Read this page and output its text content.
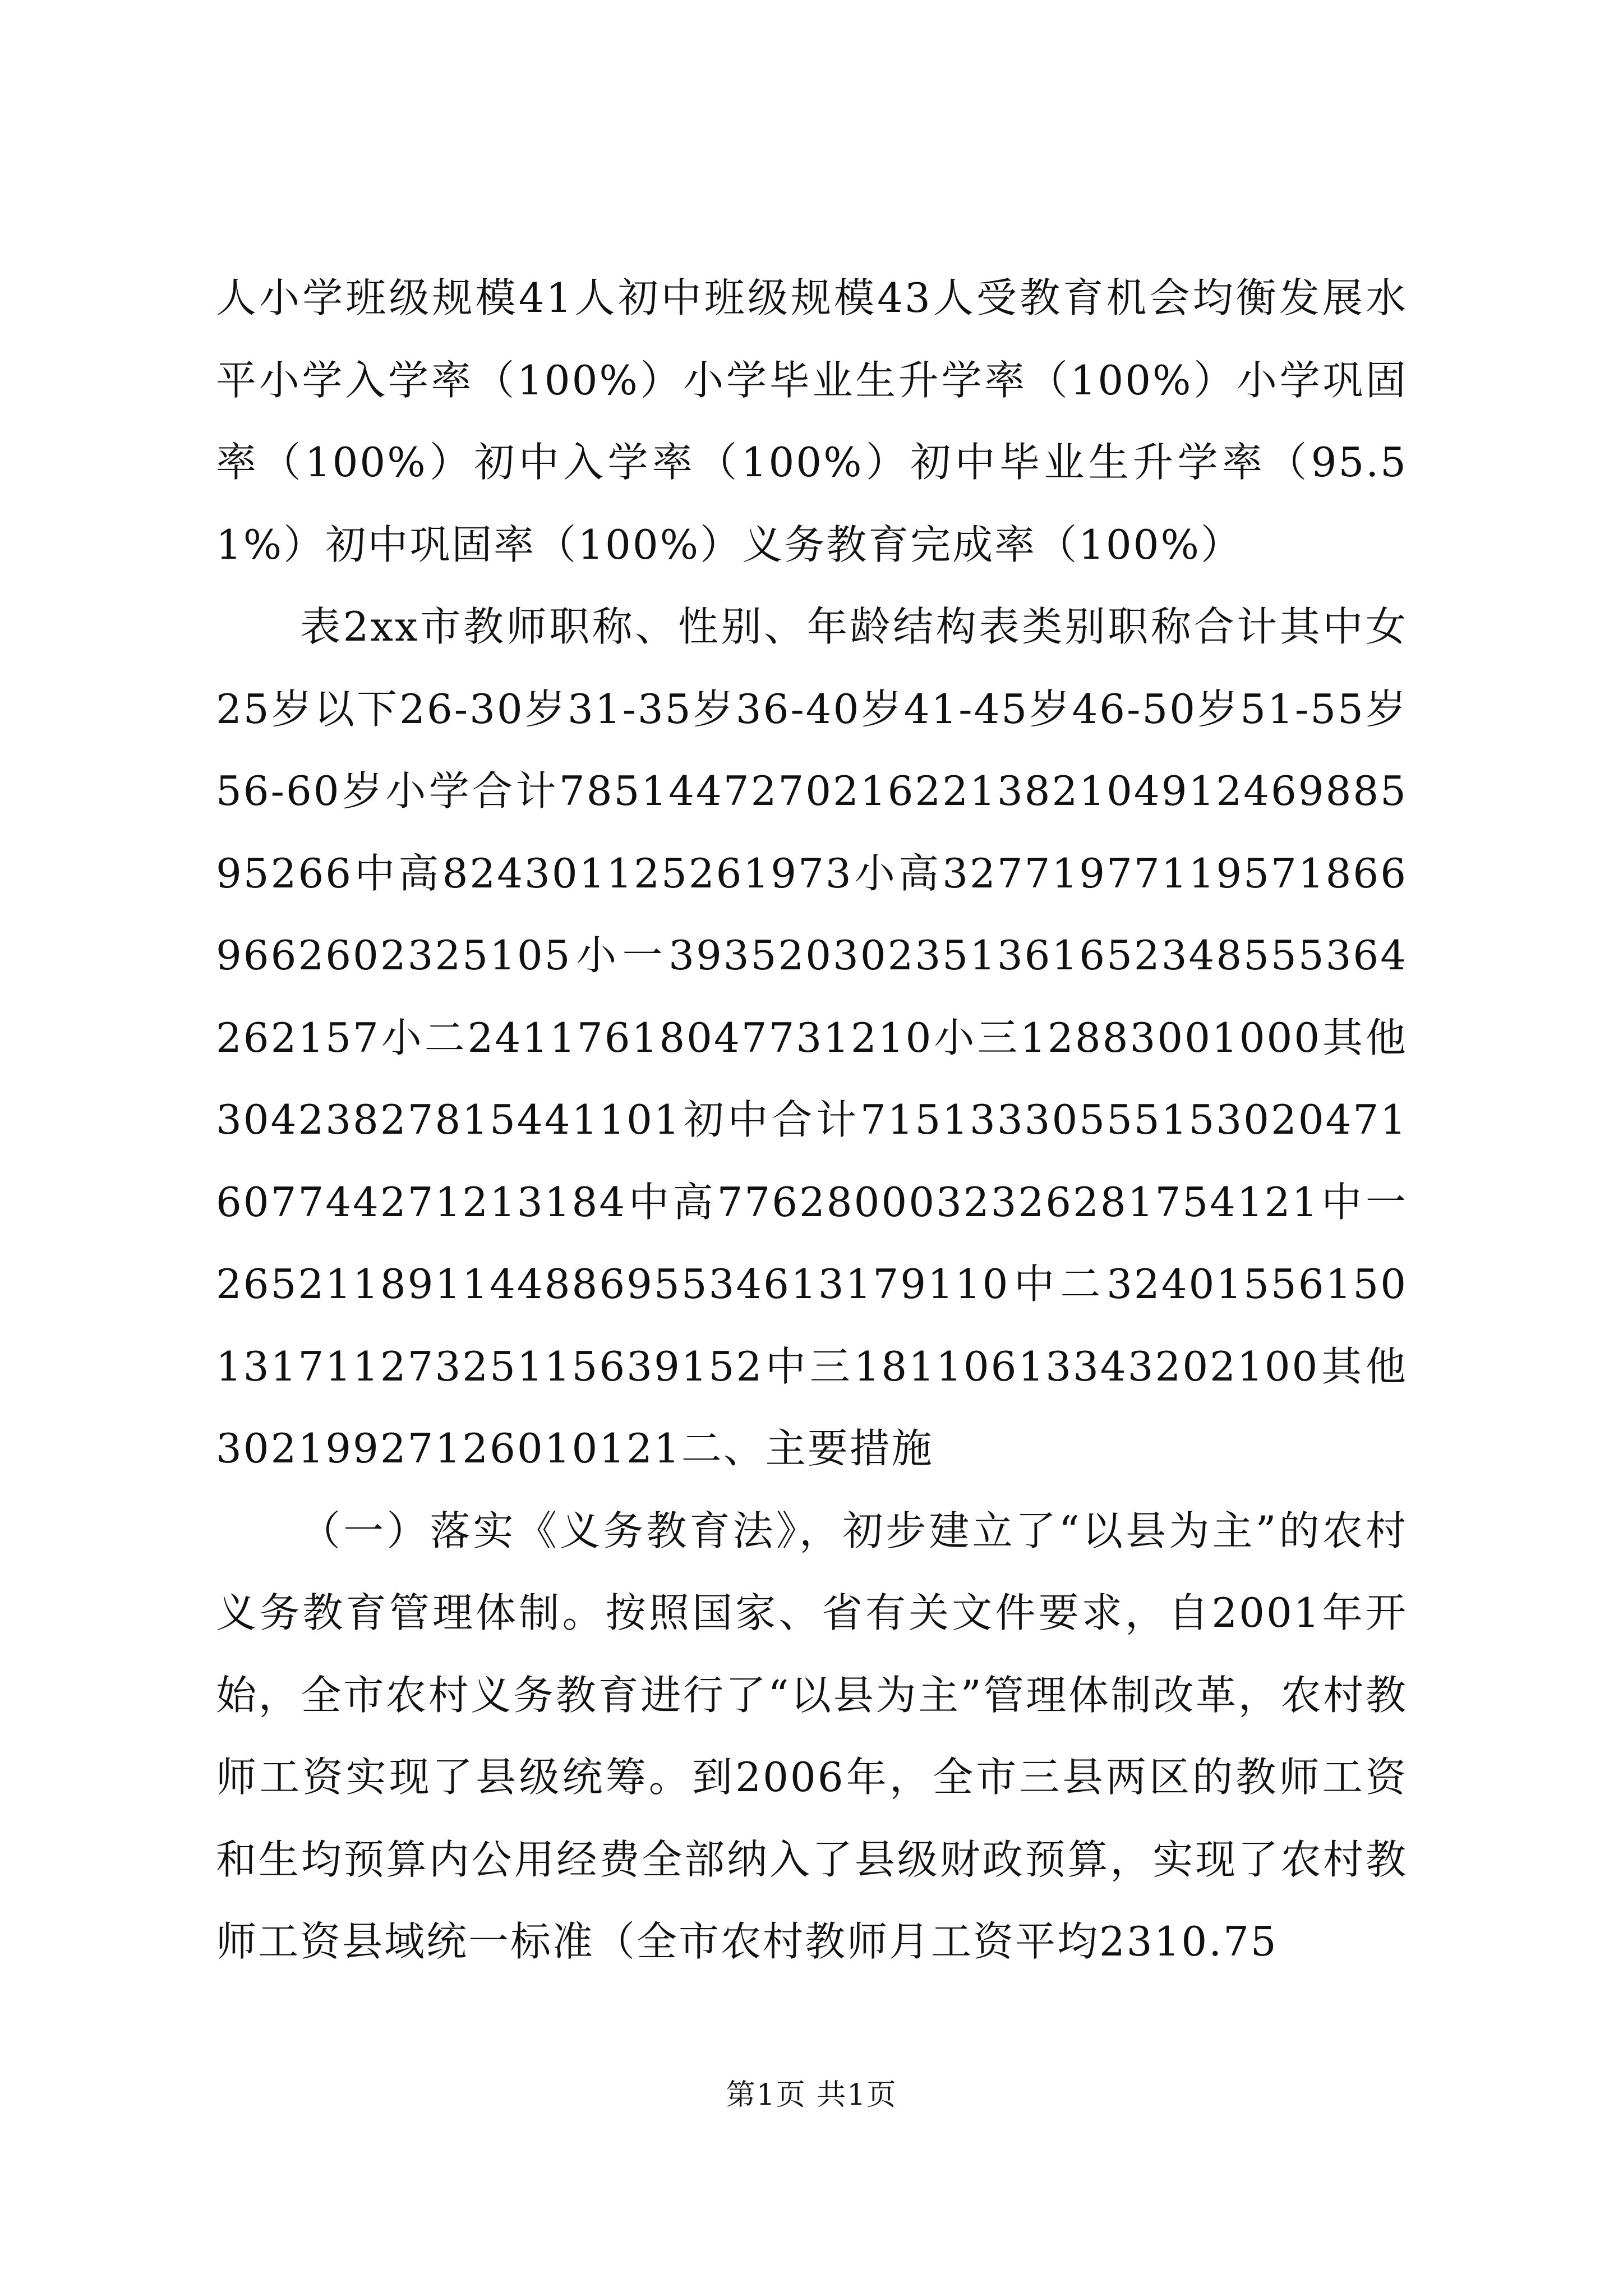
人小学班级规模41人初中班级规模43人受教育机会均衡发展水平小学入学率（100%）小学毕业生升学率（100%）小学巩固率（100%）初中入学率（100%）初中毕业生升学率（95.51%）初中巩固率（100%）义务教育完成率（100%）

表2xx市教师职称、性别、年龄结构表类别职称合计其中女25岁以下26-30岁31-35岁36-40岁41-45岁46-50岁51-55岁56-60岁小学合计785144727021622138210491246988595266中高824301125261973小高327719771195718669662602325105小一393520302351361652348555364262157小二24117618047731210小三12883001000其他30423827815441101初中合计71513330555153020471607744271213184中高7762800032326281754121中一26521189114488695534613179110中二3240155615013171127325115639152中三18110613343202100其他30219927126010121二、主要措施

（一）落实《义务教育法》，初步建立了“以县为主”的农村义务教育管理体制。按照国家、省有关文件要求，自2001年开始，全市农村义务教育进行了“以县为主”管理体制改革，农村教师工资实现了县级统筹。到2006年，全市三县两区的教师工资和生均预算内公用经费全部纳入了县级财政预算，实现了农村教师工资县域统一标准（全市农村教师月工资平均2310.75

第1页 共1页
